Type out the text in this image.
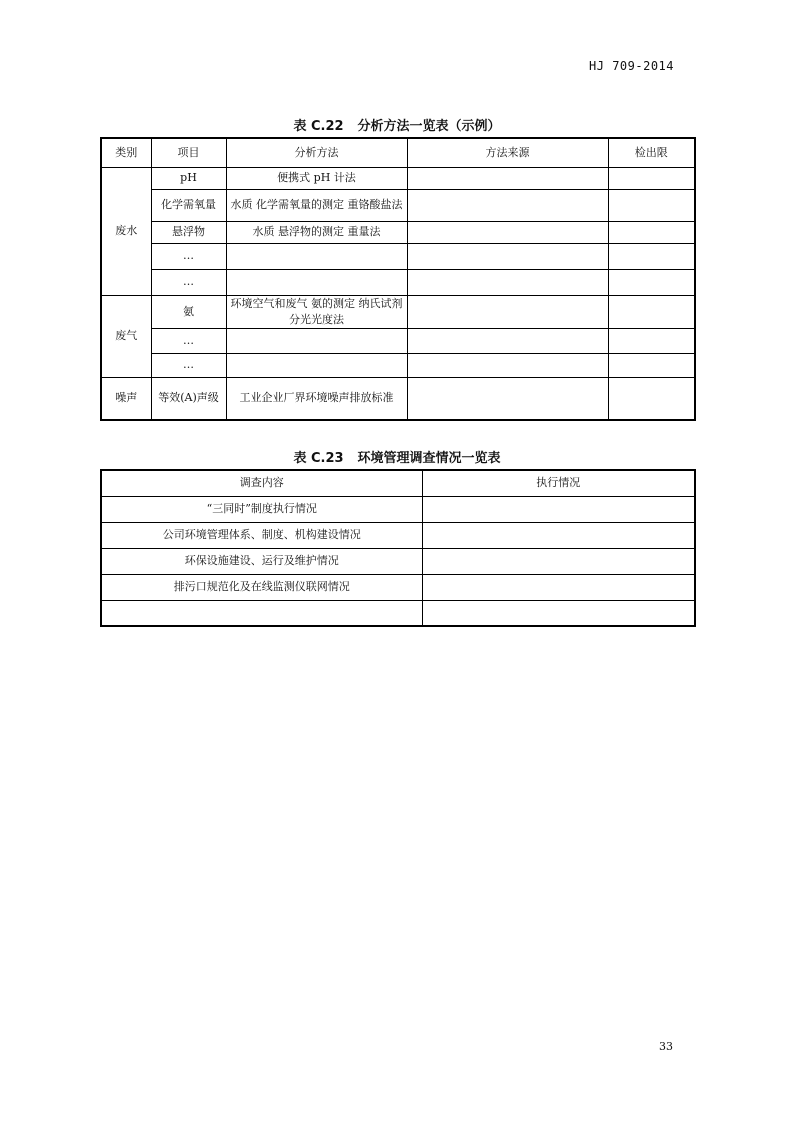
HJ 709-2014
表 C.22 分析方法一览表（示例）
类别	项目	分析方法	方法来源	检出限
废水	pH	便携式 pH 计法		
	化学需氧量	水质 化学需氧量的测定 重铬酸盐法		
	悬浮物	水质 悬浮物的测定 重量法		
	…			
	…			
废气	氨	环境空气和废气 氨的测定 纳氏试剂分光光度法		
	…			
	…			
噪声	等效(A)声级	工业企业厂界环境噪声排放标准		
表 C.23 环境管理调查情况一览表
调查内容	执行情况
“三同时”制度执行情况	
公司环境管理体系、制度、机构建设情况	
环保设施建设、运行及维护情况	
排污口规范化及在线监测仪联网情况	

33
